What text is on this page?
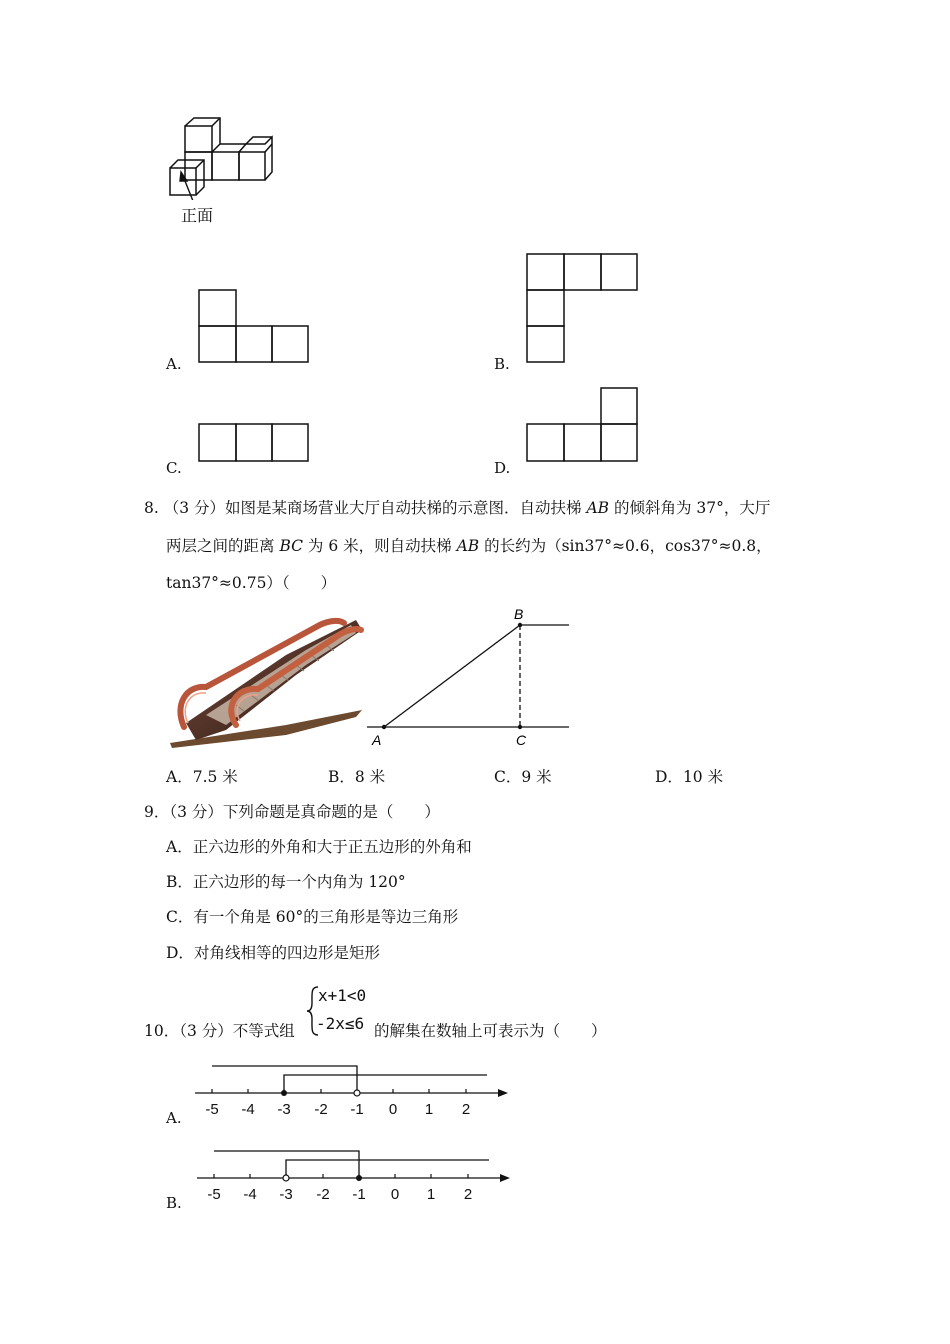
正面
A.	B.
C.	D.
8. （3 分）如图是某商场营业大厅自动扶梯的示意图．自动扶梯 AB 的倾斜角为 37°，大厅
两层之间的距离 BC 为 6 米，则自动扶梯 AB 的长约为（sin37°≈0.6，cos37°≈0.8，
tan37°≈0.75）（　　）
A
B
C
A．7.5 米	B．8 米	C．9 米	D．10 米
9．（3 分）下列命题是真命题的是（　　）
A．正六边形的外角和大于正五边形的外角和
B．正六边形的每一个内角为 120°
C．有一个角是 60°的三角形是等边三角形
D．对角线相等的四边形是矩形
10．（3 分）不等式组
x+1<0
-2x≤6 的解集在数轴上可表示为（　　）
-5 -4 -3 -2 -1 0 1 2
A.
-5 -4 -3 -2 -1 0 1 2
B.
